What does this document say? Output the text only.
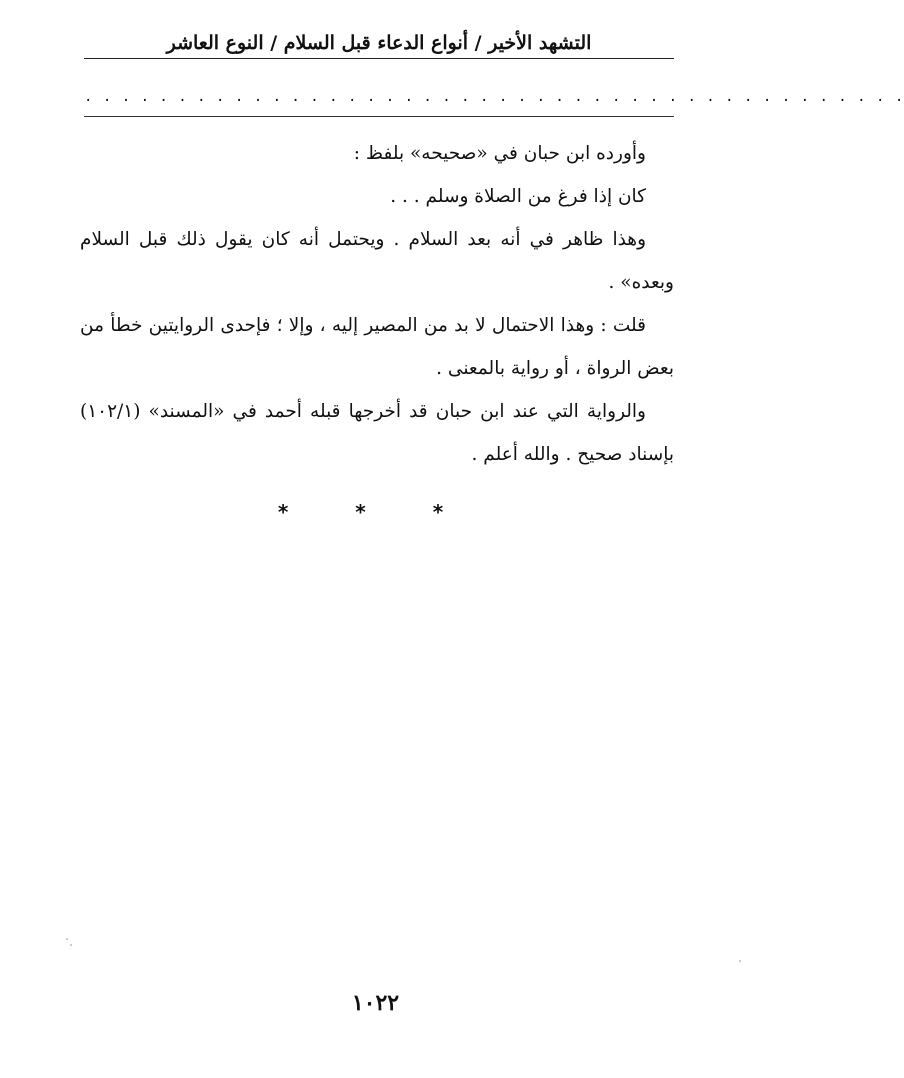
التشهد الأخير / أنواع الدعاء قبل السلام / النوع العاشر
. . . . . . . . . . . . . . . . . . . . . . . . . . . . . . . . . . . . . . . . . . . .

وأورده ابن حبان في «صحيحه» بلفظ :

كان إذا فرغ من الصلاة وسلم . . .

وهذا ظاهر في أنه بعد السلام . ويحتمل أنه كان يقول ذلك قبل السلام وبعده» .

قلت : وهذا الاحتمال لا بد من المصير إليه ، وإلا ؛ فإحدى الروايتين خطأ من بعض الرواة ، أو رواية بالمعنى .

والرواية التي عند ابن حبان قد أخرجها قبله أحمد في «المسند» (١٠٢/١) بإسناد صحيح . والله أعلم .

* * *
١٠٢٢
